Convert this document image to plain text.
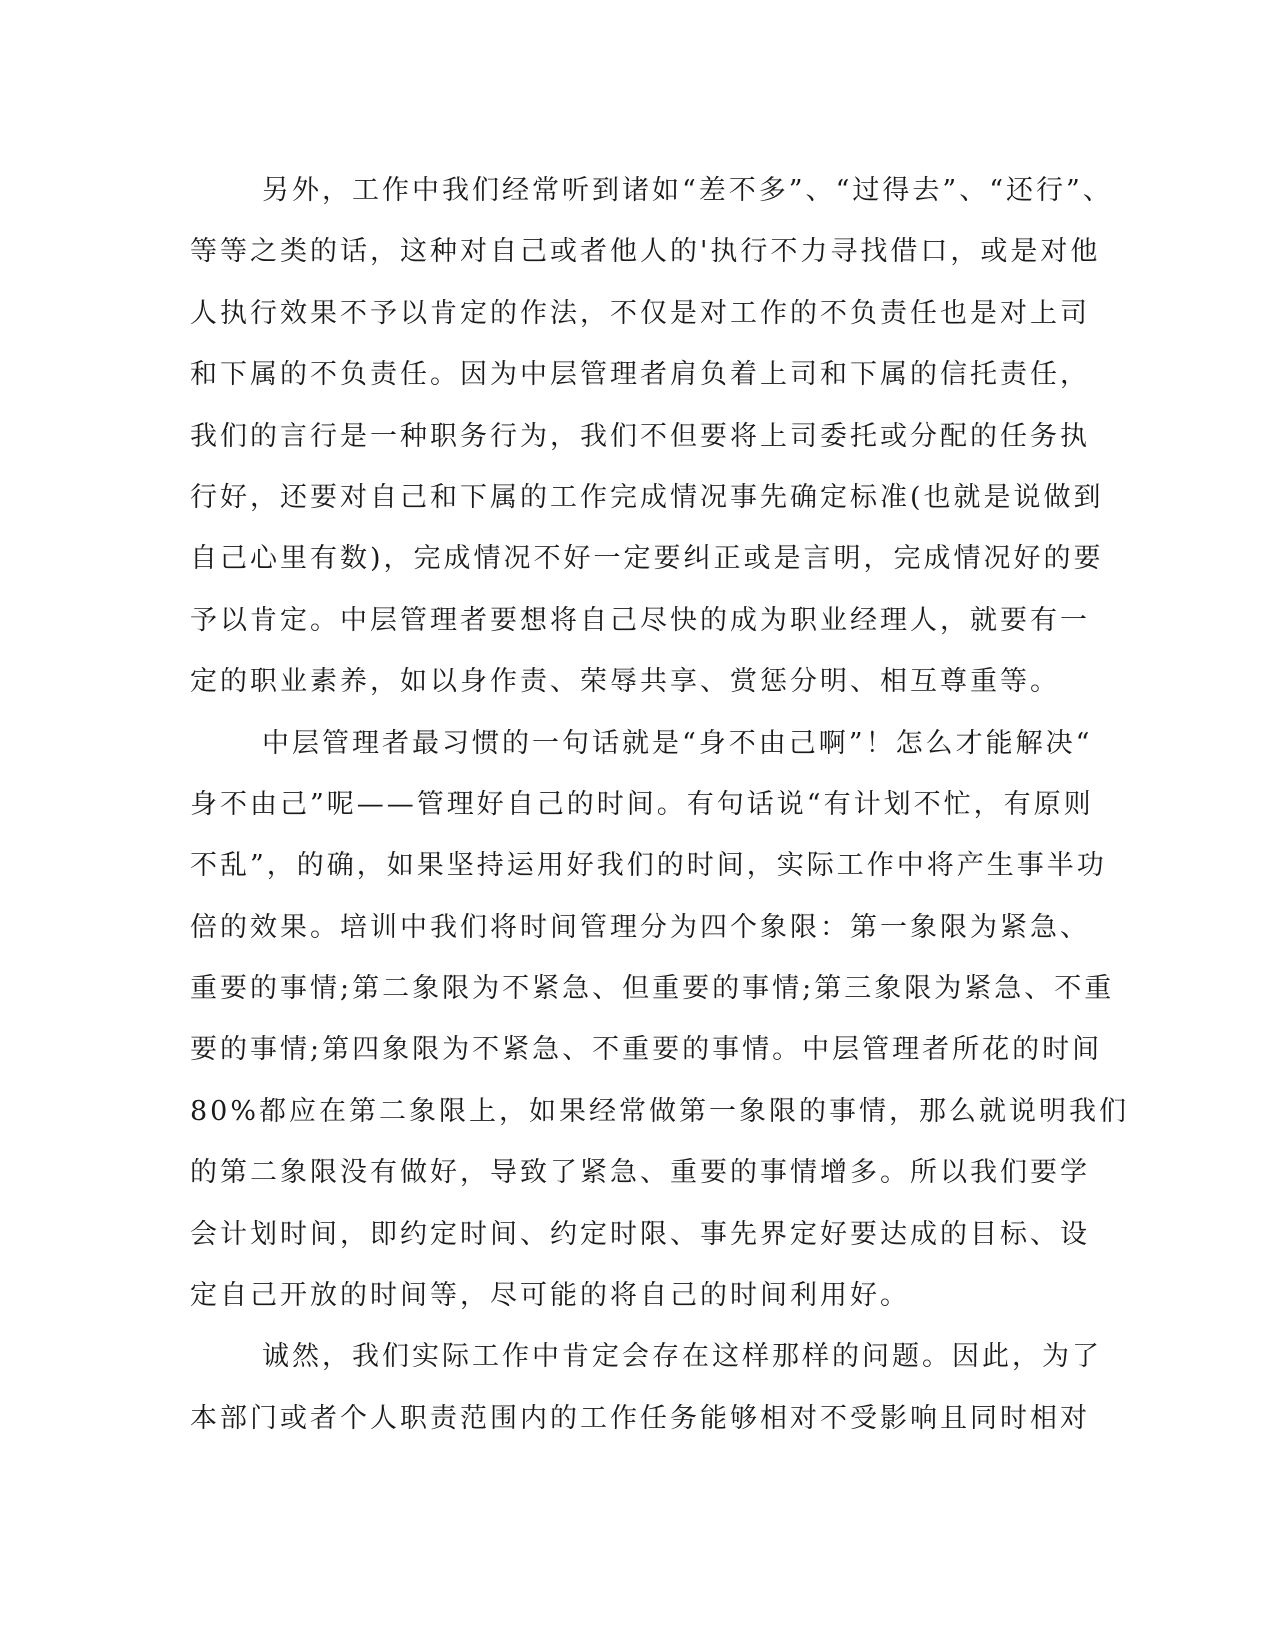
另外，工作中我们经常听到诸如“差不多”、“过得去”、“还行”、
等等之类的话，这种对自己或者他人的'执行不力寻找借口，或是对他
人执行效果不予以肯定的作法，不仅是对工作的不负责任也是对上司
和下属的不负责任。因为中层管理者肩负着上司和下属的信托责任，
我们的言行是一种职务行为，我们不但要将上司委托或分配的任务执
行好，还要对自己和下属的工作完成情况事先确定标准(也就是说做到
自己心里有数)，完成情况不好一定要纠正或是言明，完成情况好的要
予以肯定。中层管理者要想将自己尽快的成为职业经理人，就要有一
定的职业素养，如以身作责、荣辱共享、赏惩分明、相互尊重等。
中层管理者最习惯的一句话就是“身不由己啊”！怎么才能解决“
身不由己”呢——管理好自己的时间。有句话说“有计划不忙，有原则
不乱”，的确，如果坚持运用好我们的时间，实际工作中将产生事半功
倍的效果。培训中我们将时间管理分为四个象限：第一象限为紧急、
重要的事情;第二象限为不紧急、但重要的事情;第三象限为紧急、不重
要的事情;第四象限为不紧急、不重要的事情。中层管理者所花的时间
80%都应在第二象限上，如果经常做第一象限的事情，那么就说明我们
的第二象限没有做好，导致了紧急、重要的事情增多。所以我们要学
会计划时间，即约定时间、约定时限、事先界定好要达成的目标、设
定自己开放的时间等，尽可能的将自己的时间利用好。
诚然，我们实际工作中肯定会存在这样那样的问题。因此，为了
本部门或者个人职责范围内的工作任务能够相对不受影响且同时相对
